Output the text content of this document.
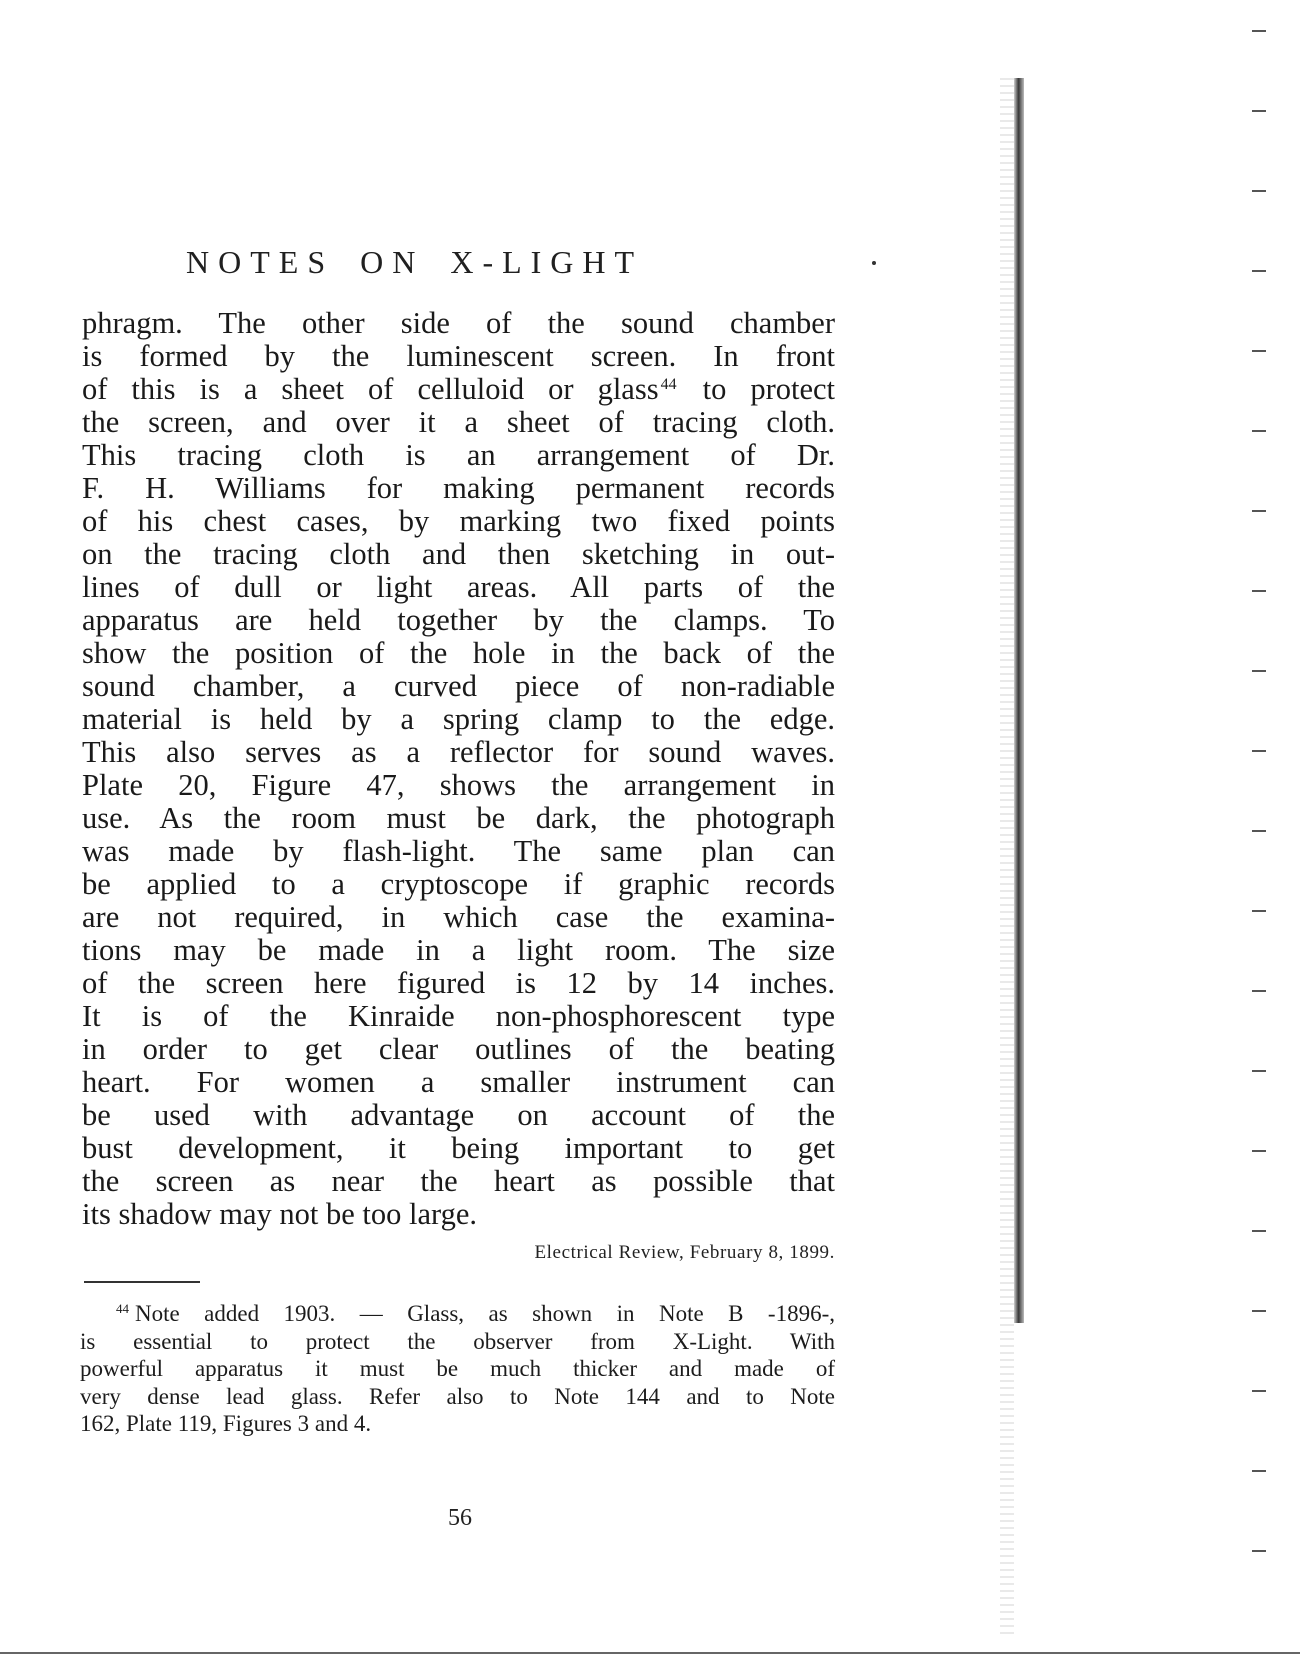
NOTES ON X-LIGHT
phragm. The other side of the sound chamber
is formed by the luminescent screen. In front
of this is a sheet of celluloid or glass $^{44}$ to protect
the screen, and over it a sheet of tracing cloth.
This tracing cloth is an arrangement of Dr.
F. H. Williams for making permanent records
of his chest cases, by marking two fixed points
on the tracing cloth and then sketching in out-
lines of dull or light areas. All parts of the
apparatus are held together by the clamps. To
show the position of the hole in the back of the
sound chamber, a curved piece of non-radiable
material is held by a spring clamp to the edge.
This also serves as a reflector for sound waves.
Plate 20, Figure 47, shows the arrangement in
use. As the room must be dark, the photograph
was made by flash-light. The same plan can
be applied to a cryptoscope if graphic records
are not required, in which case the examina-
tions may be made in a light room. The size
of the screen here figured is 12 by 14 inches.
It is of the Kinraide non-phosphorescent type
in order to get clear outlines of the beating
heart. For women a smaller instrument can
be used with advantage on account of the
bust development, it being important to get
the screen as near the heart as possible that
its shadow may not be too large.
Electrical Review, February 8, 1899.
$^{44}$ Note added 1903. — Glass, as shown in Note B -1896-,
is essential to protect the observer from X-Light. With
powerful apparatus it must be much thicker and made of
very dense lead glass. Refer also to Note 144 and to Note
162, Plate 119, Figures 3 and 4.
56
